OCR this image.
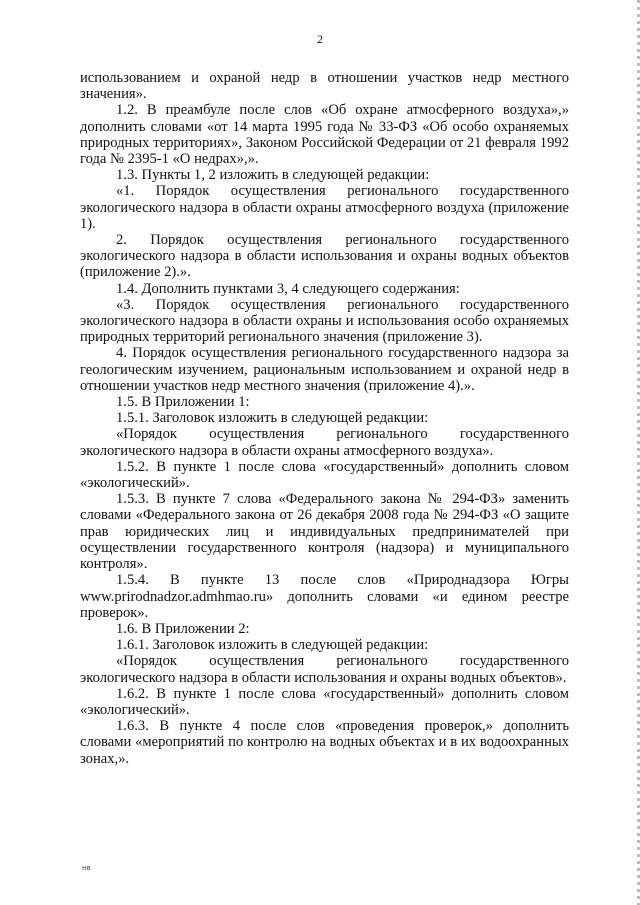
2

использованием и охраной недр в отношении участков недр местного значения».

1.2. В преамбуле после слов «Об охране атмосферного воздуха»,» дополнить словами «от 14 марта 1995 года № 33-ФЗ «Об особо охраняемых природных территориях», Законом Российской Федерации от 21 февраля 1992 года № 2395-1 «О недрах»,».

1.3. Пункты 1, 2 изложить в следующей редакции:

«1. Порядок осуществления регионального государственного экологического надзора в области охраны атмосферного воздуха (приложение 1).

2. Порядок осуществления регионального государственного экологического надзора в области использования и охраны водных объектов (приложение 2).».

1.4. Дополнить пунктами 3, 4 следующего содержания:

«3. Порядок осуществления регионального государственного экологического надзора в области охраны и использования особо охраняемых природных территорий регионального значения (приложение 3).

4. Порядок осуществления регионального государственного надзора за геологическим изучением, рациональным использованием и охраной недр в отношении участков недр местного значения (приложение 4).».

1.5. В Приложении 1:

1.5.1. Заголовок изложить в следующей редакции:

«Порядок осуществления регионального государственного экологического надзора в области охраны атмосферного воздуха».

1.5.2. В пункте 1 после слова «государственный» дополнить словом «экологический».

1.5.3. В пункте 7 слова «Федерального закона № 294-ФЗ» заменить словами «Федерального закона от 26 декабря 2008 года № 294-ФЗ «О защите прав юридических лиц и индивидуальных предпринимателей при осуществлении государственного контроля (надзора) и муниципального контроля».

1.5.4. В пункте 13 после слов «Природнадзора Югры www.prirodnadzor.admhmao.ru» дополнить словами «и едином реестре проверок».

1.6. В Приложении 2:

1.6.1. Заголовок изложить в следующей редакции:

«Порядок осуществления регионального государственного экологического надзора в области использования и охраны водных объектов».

1.6.2. В пункте 1 после слова «государственный» дополнить словом «экологический».

1.6.3. В пункте 4 после слов «проведения проверок,» дополнить словами «мероприятий по контролю на водных объектах и в их водоохранных зонах,».

нв
